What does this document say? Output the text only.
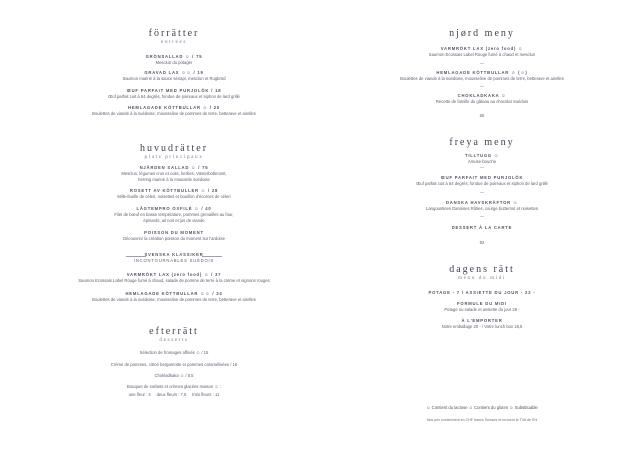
förrätter
entrées
GRÖNSALLAD ☺ / 75
Mesclun du potager
GRAVAD LAX ☺☺ / 19
Saumon mariné à la sauce sénapi, mesclun et Rugbröd
ŒUF PARFAIT MED PURJOLÖK / 18
Œuf parfait cuit à 64 degrés, fondue de poireaux et siphon de lard grillé
HEMLAGADE KÖTTBULLAR ☺ / 20
Boulettes de viande à la suédoise, mousseline de pommes de terre, betterave et airelles
huvudrätter
plats principaux
NJÅRDEN SALLAD ☺ / 75
Mesclun, légumes crus et cuits, herbes, Västerbottenost,
herring mariné à la moutarde suédoise
ROSETT AV KÖTTBULLER ☺ / 28
Mille-feuille de céleri, noisettes et bouillon d'écorces de céleri
LÅGTEMPRO OXFILÉ ☺ / 40
Filet de bœuf en basse température, pommes grenailles au four,
épinards, ail noir et jus de viande
POISSON DU MOMENT
Découvrez la création poisson du moment sur l'ardoise
SVENSKA KLASSIKER
INCONTOURNABLES SUÉDOIS
VARMRÖKT LAX (zero food) ☺ / 37
Saumon Ecossais Label Rouge fumé à chaud, salade de pomme de terre à la crème et oignons rouges
HEMLAGADE KÖTTBULLAR ☺☺ / 34
Boulettes de viande à la suédoise, mousseline de pommes de terre, betterave et airelles
efterrätt
desserts
Sélection de fromages affinés ☺ / 15
Crème de pommes, citron bergamotte et pommes caramélisées / 16
Chokladkaka ☺ / 8,5
Bouquet de sorbets et crèmes glacées maison ☺ :
une fleur : 4     deux fleurs : 7,5     trois fleurs : 11
njørd meny
VARMRÖKT LAX (zero food) ☺
Saumon Ecossais Label Rouge fumé à chaud et mesclun
—
HEMLAGADE KÖTTBULLAR ☺ (☺)
Boulettes de viande à la suédoise, mousseline de pommes de terre, betterave et airelles
—
CHOKLADKAKA ☺
Recette de famille du gâteau au chocolat Suédois
60
freya meny
TILLTUGG ☺
Amuse-bouche
—
ŒUF PARFAIT MED PURJOLÖK
Œuf parfait cuit à 64 degrés, fondue de poireaux et siphon de lard grillé
—
DANSKA HAVSKRÄFTOR ☺
Langoustines Danoises Rôties, courge butternut et noisettes
—
DESSERT À LA CARTE
82
dagens rätt
menu du midi
POTAGE - 7 / ASSIETTE DU JOUR - 22 -
FORMULE DU MIDI
Potage ou salade et assiette du jour 28 -
À L'EMPORTER
Notre emballage 20 - / Votre lunch box 18,5
☺ Contient du lactose ☺ Contient du gluten ☺ Substituable
Nos prix contiennent en CHF francs Suisses et incluent la TVA de 8%
